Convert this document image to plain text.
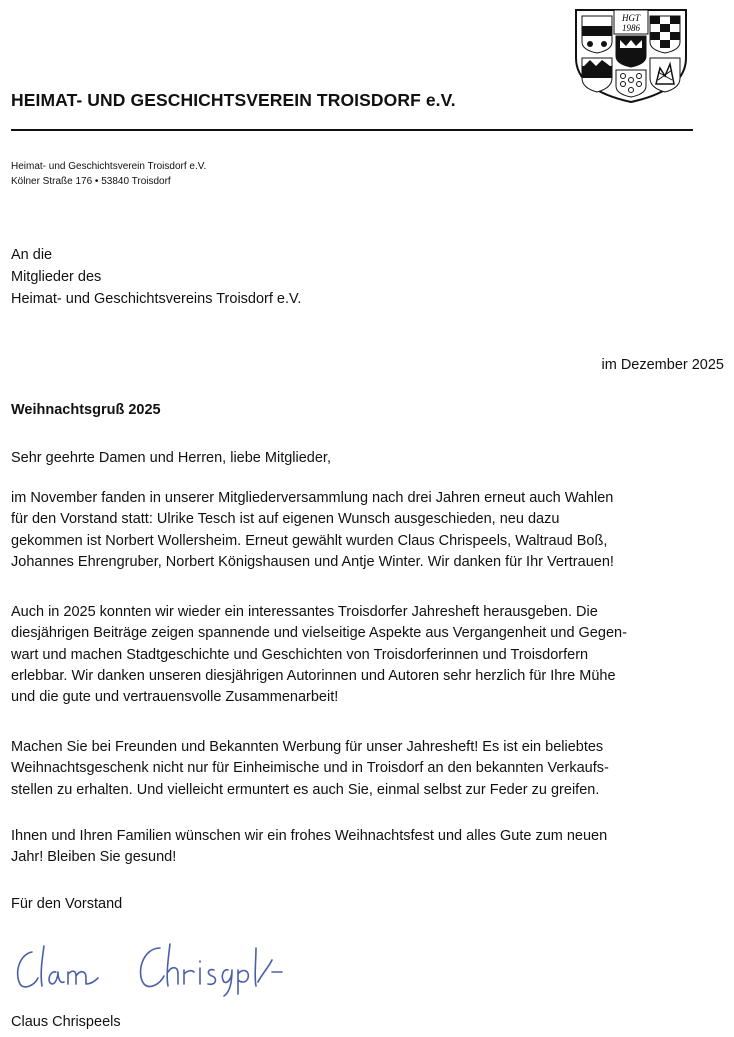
HGT
1986
HEIMAT- UND GESCHICHTSVEREIN TROISDORF e.V.
Heimat- und Geschichtsverein Troisdorf e.V.
Kölner Straße 176 • 53840 Troisdorf
An die
Mitglieder des
Heimat- und Geschichtsvereins Troisdorf e.V.
im Dezember 2025
Weihnachtsgruß 2025
Sehr geehrte Damen und Herren, liebe Mitglieder,
im November fanden in unserer Mitgliederversammlung nach drei Jahren erneut auch Wahlen
für den Vorstand statt: Ulrike Tesch ist auf eigenen Wunsch ausgeschieden, neu dazu
gekommen ist Norbert Wollersheim. Erneut gewählt wurden Claus Chrispeels, Waltraud Boß,
Johannes Ehrengruber, Norbert Königshausen und Antje Winter. Wir danken für Ihr Vertrauen!
Auch in 2025 konnten wir wieder ein interessantes Troisdorfer Jahresheft herausgeben. Die
diesjährigen Beiträge zeigen spannende und vielseitige Aspekte aus Vergangenheit und Gegen-
wart und machen Stadtgeschichte und Geschichten von Troisdorferinnen und Troisdorfern
erlebbar. Wir danken unseren diesjährigen Autorinnen und Autoren sehr herzlich für Ihre Mühe
und die gute und vertrauensvolle Zusammenarbeit!
Machen Sie bei Freunden und Bekannten Werbung für unser Jahresheft! Es ist ein beliebtes
Weihnachtsgeschenk nicht nur für Einheimische und in Troisdorf an den bekannten Verkaufs-
stellen zu erhalten. Und vielleicht ermuntert es auch Sie, einmal selbst zur Feder zu greifen.
Ihnen und Ihren Familien wünschen wir ein frohes Weihnachtsfest und alles Gute zum neuen
Jahr! Bleiben Sie gesund!
Für den Vorstand
Claus Chrispeels
